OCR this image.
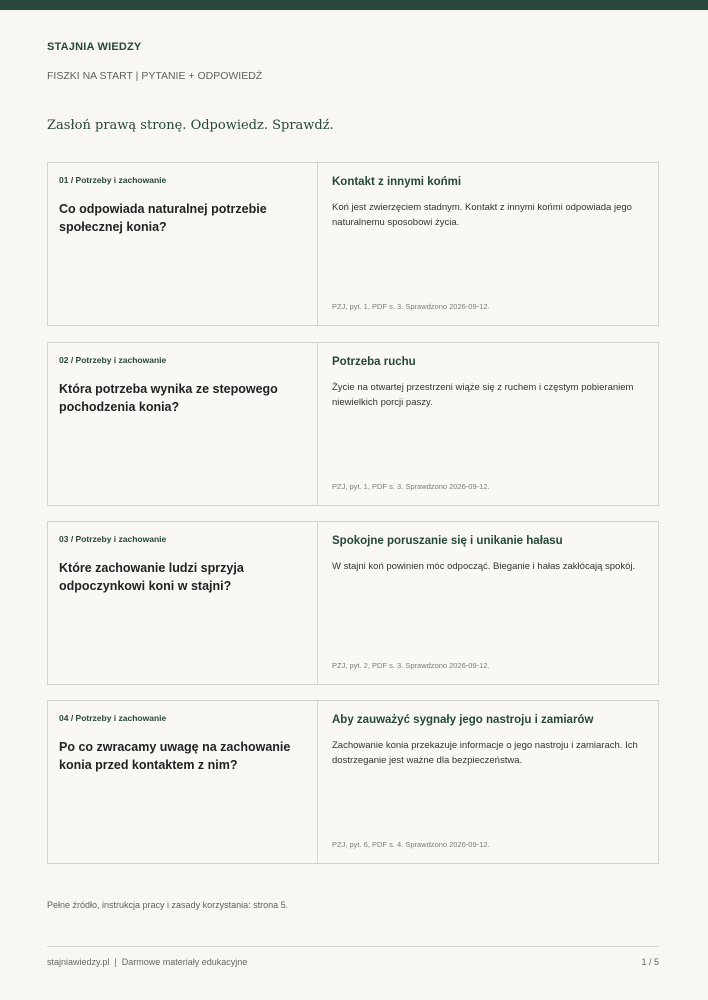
STAJNIA WIEDZY
FISZKI NA START | PYTANIE + ODPOWIEDŹ
Zasłoń prawą stronę. Odpowiedz. Sprawdź.
01 / Potrzeby i zachowanie
Co odpowiada naturalnej potrzebie społecznej konia?
Kontakt z innymi końmi
Koń jest zwierzęciem stadnym. Kontakt z innymi końmi odpowiada jego naturalnemu sposobowi życia.
PZJ, pyt. 1, PDF s. 3. Sprawdzono 2026-09-12.
02 / Potrzeby i zachowanie
Która potrzeba wynika ze stepowego pochodzenia konia?
Potrzeba ruchu
Życie na otwartej przestrzeni wiąże się z ruchem i częstym pobieraniem niewielkich porcji paszy.
PZJ, pyt. 1, PDF s. 3. Sprawdzono 2026-09-12.
03 / Potrzeby i zachowanie
Które zachowanie ludzi sprzyja odpoczynkowi koni w stajni?
Spokojne poruszanie się i unikanie hałasu
W stajni koń powinien móc odpocząć. Bieganie i hałas zakłócają spokój.
PZJ, pyt. 2, PDF s. 3. Sprawdzono 2026-09-12.
04 / Potrzeby i zachowanie
Po co zwracamy uwagę na zachowanie konia przed kontaktem z nim?
Aby zauważyć sygnały jego nastroju i zamiarów
Zachowanie konia przekazuje informacje o jego nastroju i zamiarach. Ich dostrzeganie jest ważne dla bezpieczeństwa.
PZJ, pyt. 6, PDF s. 4. Sprawdzono 2026-09-12.
Pełne źródło, instrukcja pracy i zasady korzystania: strona 5.
stajniawiedzy.pl  |  Darmowe materiały edukacyjne	1 / 5
